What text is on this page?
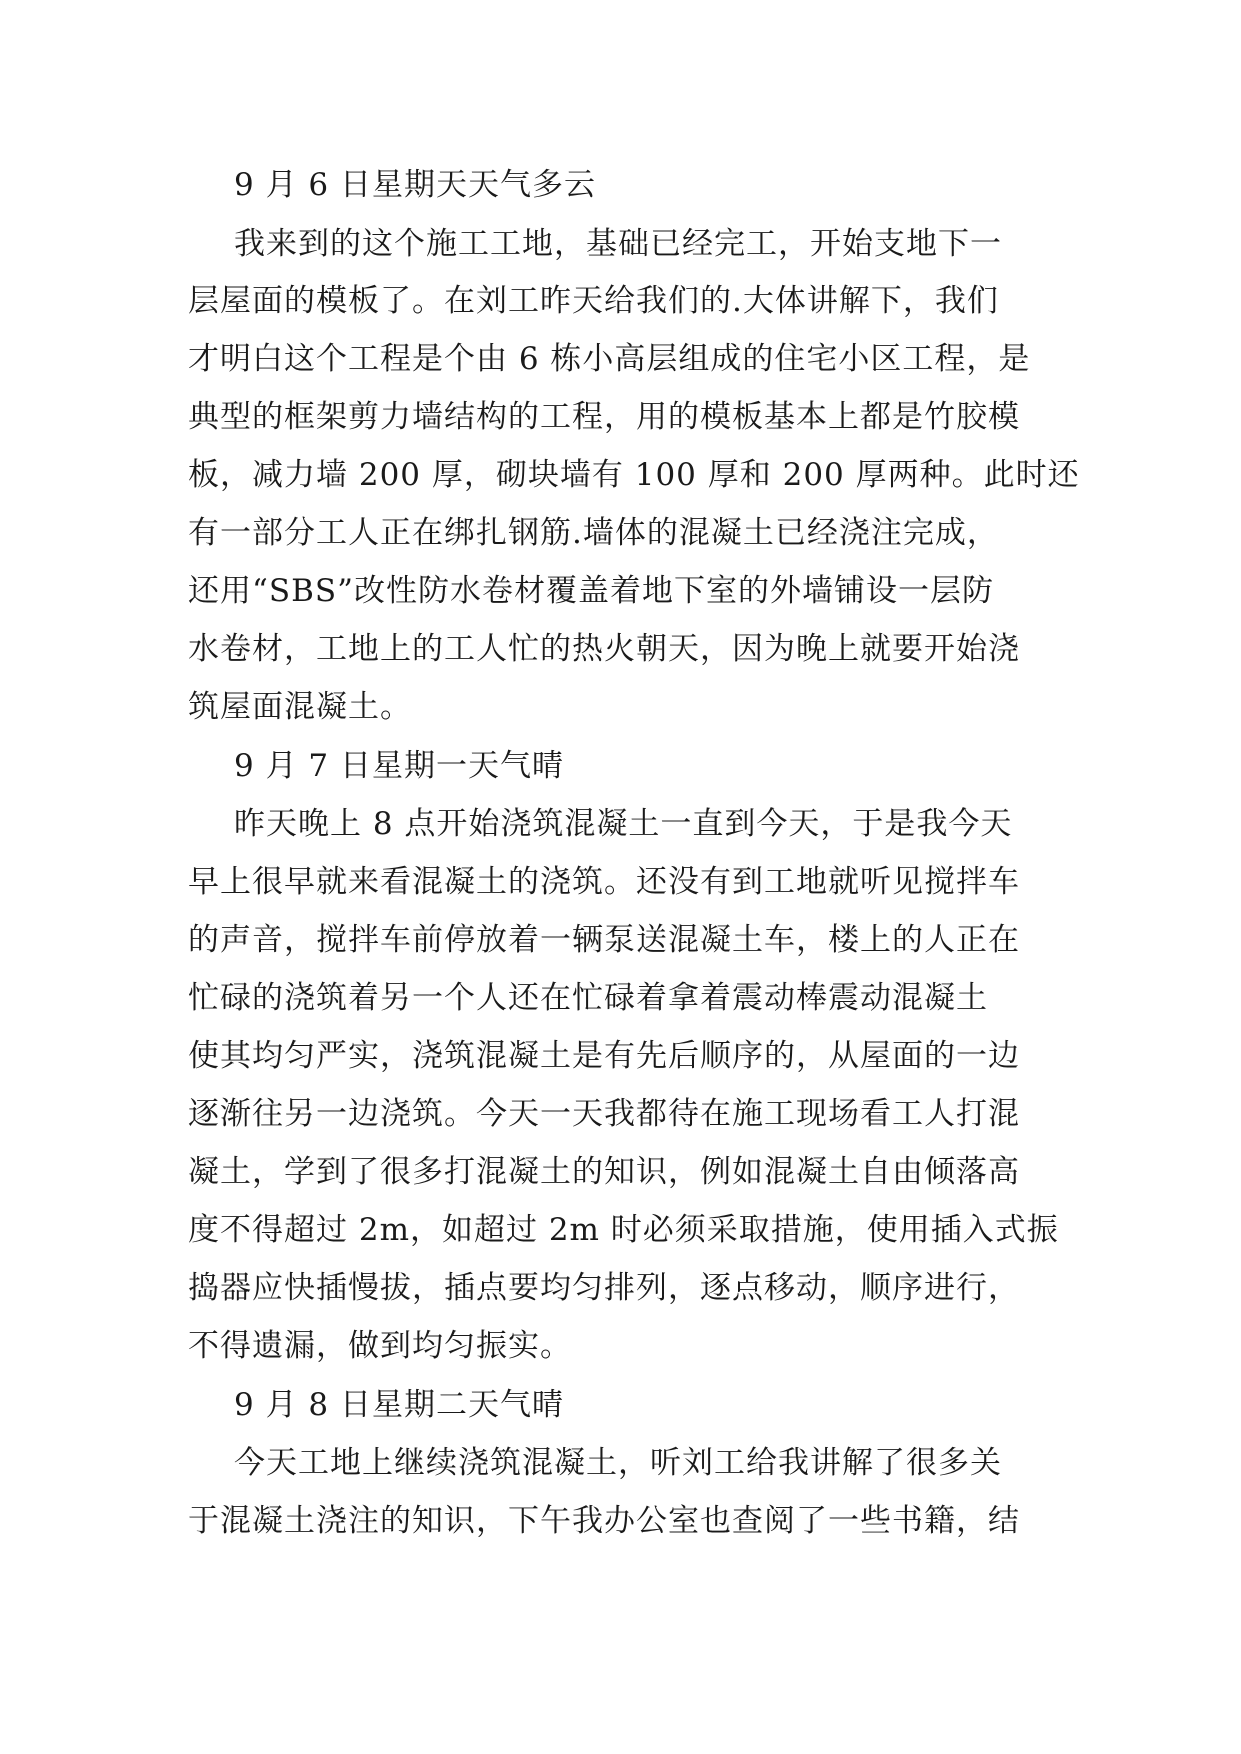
9 月 6 日星期天天气多云
我来到的这个施工工地，基础已经完工，开始支地下一
层屋面的模板了。在刘工昨天给我们的.大体讲解下，我们
才明白这个工程是个由 6 栋小高层组成的住宅小区工程，是
典型的框架剪力墙结构的工程，用的模板基本上都是竹胶模
板，减力墙 200 厚，砌块墙有 100 厚和 200 厚两种。此时还
有一部分工人正在绑扎钢筋.墙体的混凝土已经浇注完成，
还用“SBS”改性防水卷材覆盖着地下室的外墙铺设一层防
水卷材，工地上的工人忙的热火朝天，因为晚上就要开始浇
筑屋面混凝土。
9 月 7 日星期一天气晴
昨天晚上 8 点开始浇筑混凝土一直到今天，于是我今天
早上很早就来看混凝土的浇筑。还没有到工地就听见搅拌车
的声音，搅拌车前停放着一辆泵送混凝土车，楼上的人正在
忙碌的浇筑着另一个人还在忙碌着拿着震动棒震动混凝土
使其均匀严实，浇筑混凝土是有先后顺序的，从屋面的一边
逐渐往另一边浇筑。今天一天我都待在施工现场看工人打混
凝土，学到了很多打混凝土的知识，例如混凝土自由倾落高
度不得超过 2m，如超过 2m 时必须采取措施，使用插入式振
捣器应快插慢拔，插点要均匀排列，逐点移动，顺序进行，
不得遗漏，做到均匀振实。
9 月 8 日星期二天气晴
今天工地上继续浇筑混凝土，听刘工给我讲解了很多关
于混凝土浇注的知识，下午我办公室也查阅了一些书籍，结
